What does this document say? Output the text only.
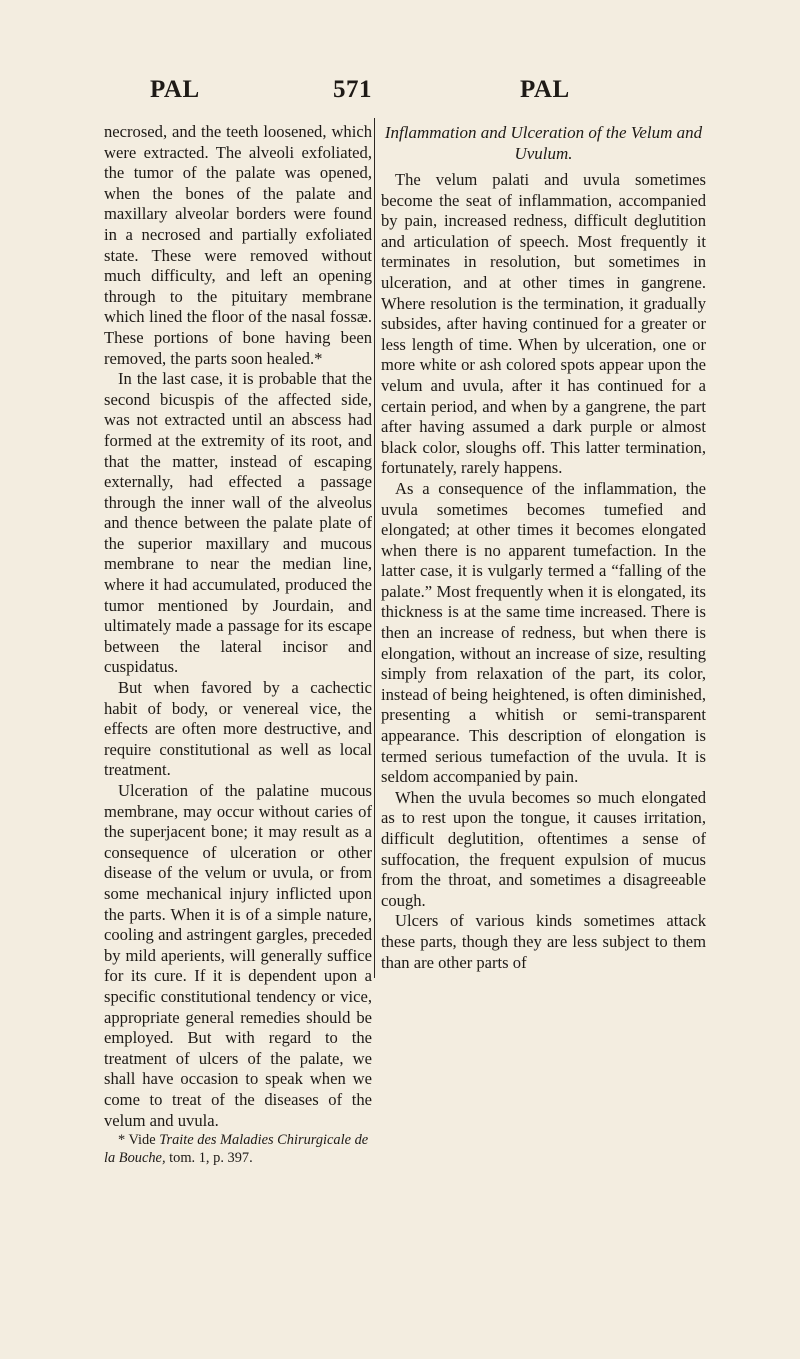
PAL	571	PAL

necrosed, and the teeth loosened, which were extracted. The alveoli exfoliated, the tumor of the palate was opened, when the bones of the palate and maxillary alveolar borders were found in a necrosed and partially exfoliated state. These were removed without much difficulty, and left an opening through to the pituitary membrane which lined the floor of the nasal fossæ. These portions of bone having been removed, the parts soon healed.*

In the last case, it is probable that the second bicuspis of the affected side, was not extracted until an abscess had formed at the extremity of its root, and that the matter, instead of escaping externally, had effected a passage through the inner wall of the alveolus and thence between the palate plate of the superior maxillary and mucous membrane to near the median line, where it had accumulated, produced the tumor mentioned by Jourdain, and ultimately made a passage for its escape between the lateral incisor and cuspidatus.

But when favored by a cachectic habit of body, or venereal vice, the effects are often more destructive, and require constitutional as well as local treatment.

Ulceration of the palatine mucous membrane, may occur without caries of the superjacent bone; it may result as a consequence of ulceration or other disease of the velum or uvula, or from some mechanical injury inflicted upon the parts. When it is of a simple nature, cooling and astringent gargles, preceded by mild aperients, will generally suffice for its cure. If it is dependent upon a specific constitutional tendency or vice, appropriate general remedies should be employed. But with regard to the treatment of ulcers of the palate, we shall have occasion to speak when we come to treat of the diseases of the velum and uvula.

* Vide Traite des Maladies Chirurgicale de la Bouche, tom. 1, p. 397.

Inflammation and Ulceration of the Velum and Uvulum.

The velum palati and uvula sometimes become the seat of inflammation, accompanied by pain, increased redness, difficult deglutition and articulation of speech. Most frequently it terminates in resolution, but sometimes in ulceration, and at other times in gangrene. Where resolution is the termination, it gradually subsides, after having continued for a greater or less length of time. When by ulceration, one or more white or ash colored spots appear upon the velum and uvula, after it has continued for a certain period, and when by a gangrene, the part after having assumed a dark purple or almost black color, sloughs off. This latter termination, fortunately, rarely happens.

As a consequence of the inflammation, the uvula sometimes becomes tumefied and elongated; at other times it becomes elongated when there is no apparent tumefaction. In the latter case, it is vulgarly termed a “falling of the palate.” Most frequently when it is elongated, its thickness is at the same time increased. There is then an increase of redness, but when there is elongation, without an increase of size, resulting simply from relaxation of the part, its color, instead of being heightened, is often diminished, presenting a whitish or semi-transparent appearance. This description of elongation is termed serious tumefaction of the uvula. It is seldom accompanied by pain.

When the uvula becomes so much elongated as to rest upon the tongue, it causes irritation, difficult deglutition, oftentimes a sense of suffocation, the frequent expulsion of mucus from the throat, and sometimes a disagreeable cough.

Ulcers of various kinds sometimes attack these parts, though they are less subject to them than are other parts of
